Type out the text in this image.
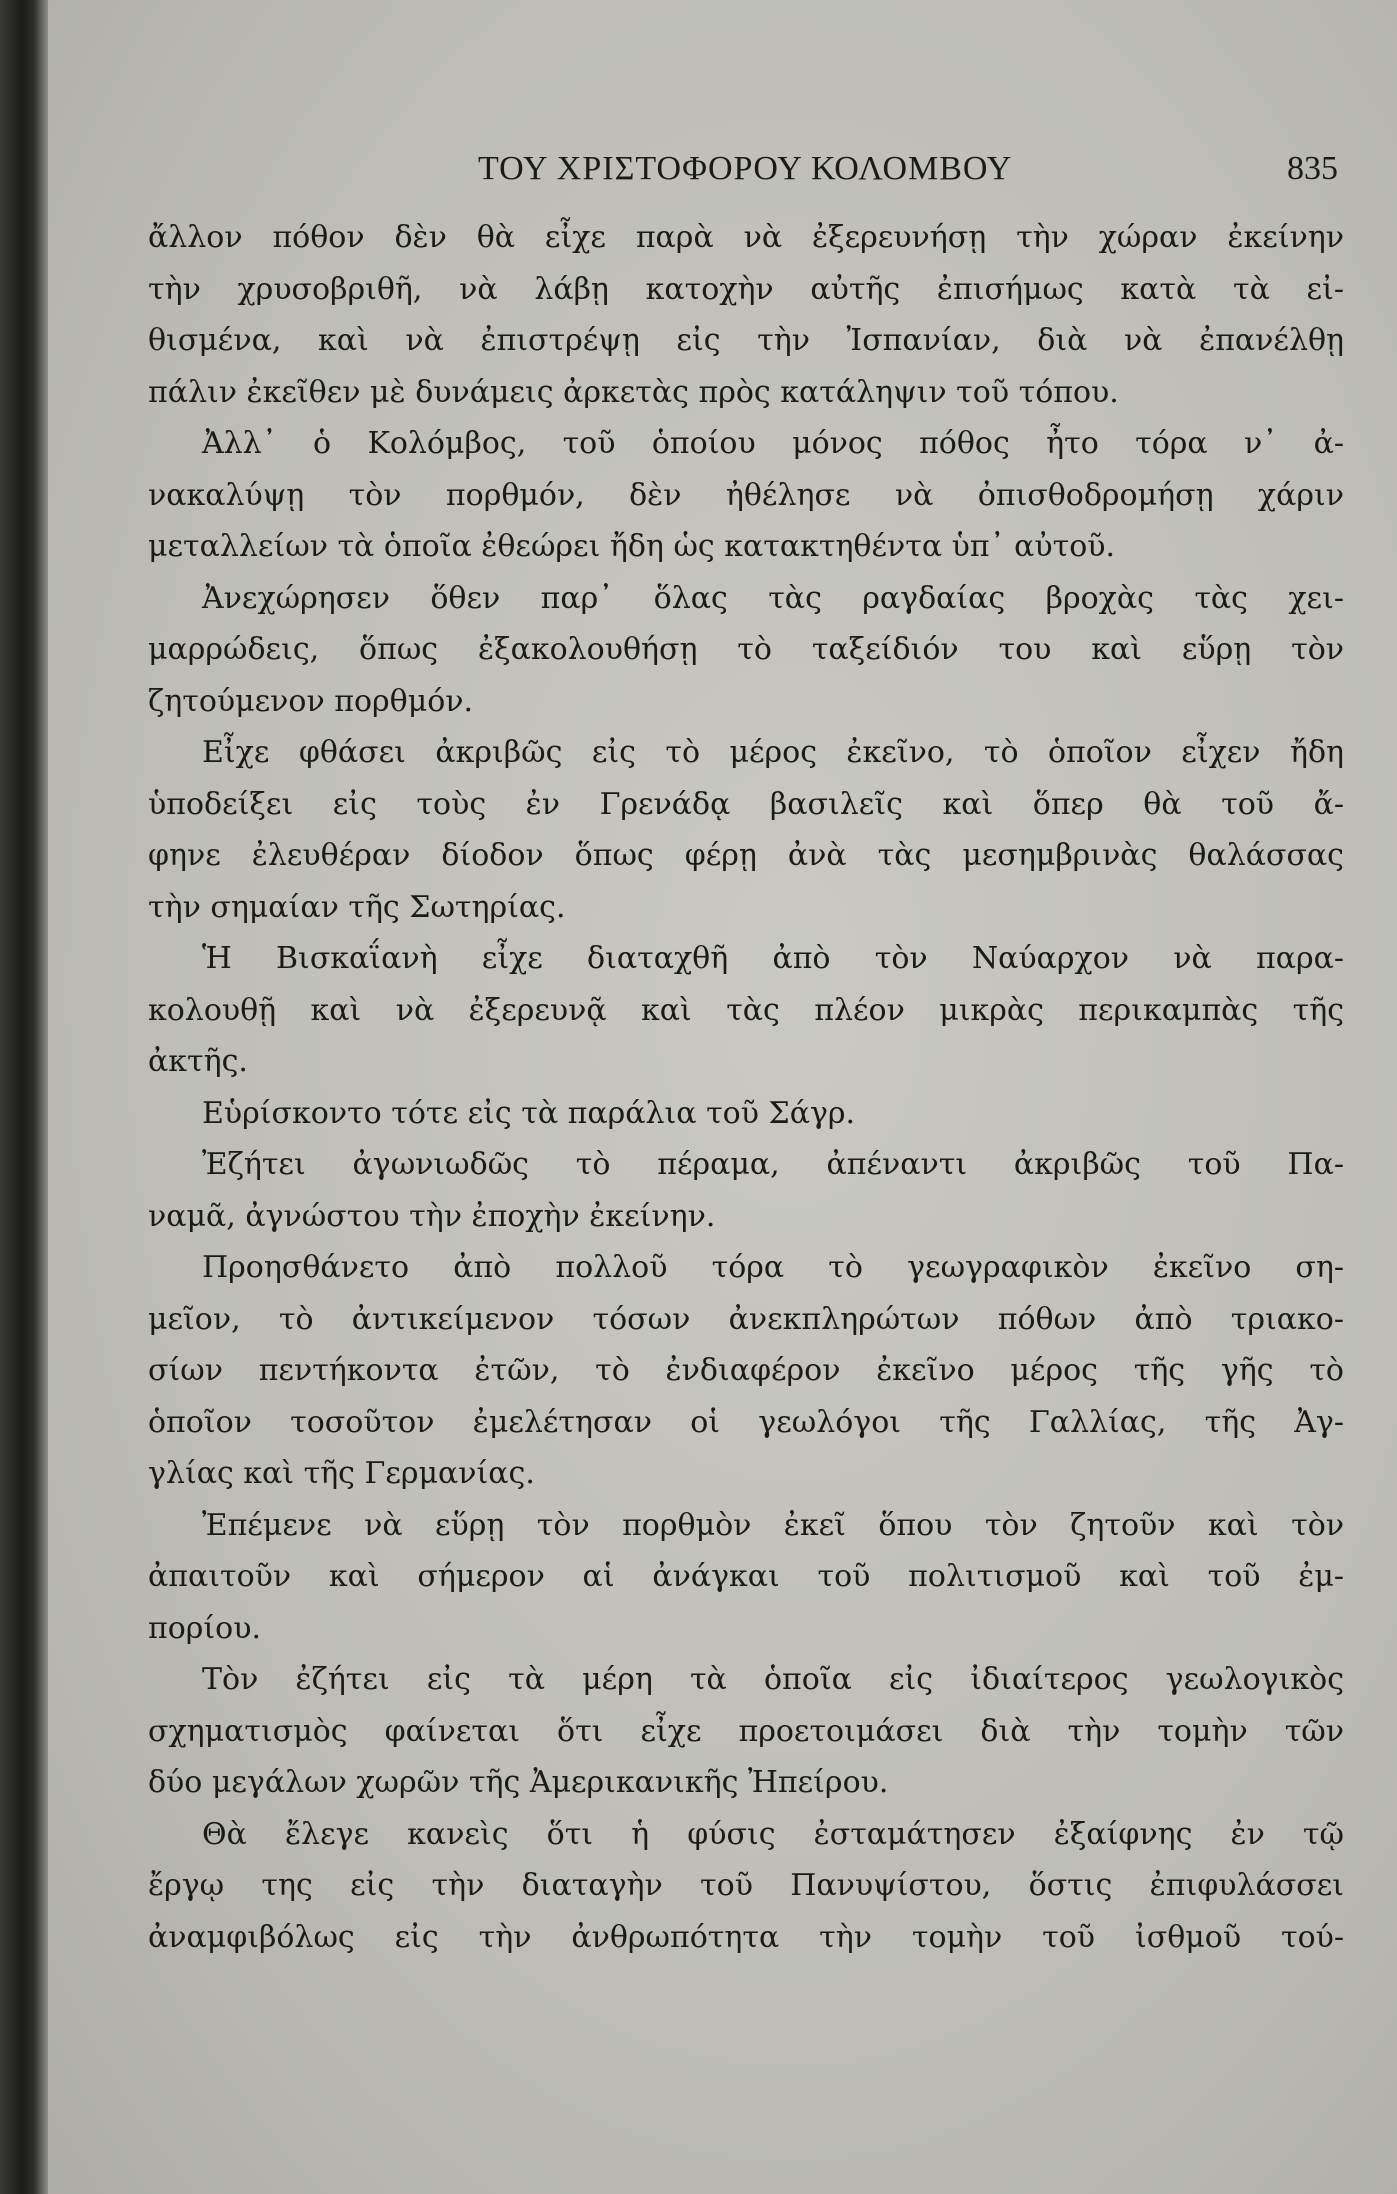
ΤΟΥ ΧΡΙΣΤΟΦΟΡΟΥ ΚΟΛΟΜΒΟΥ	835
ἄλλον πόθον δὲν θὰ εἶχε παρὰ νὰ ἐξερευνήσῃ τὴν χώραν ἐκείνην
τὴν χρυσοβριθῆ, νὰ λάβῃ κατοχὴν αὐτῆς ἐπισήμως κατὰ τὰ εἰ-
θισμένα, καὶ νὰ ἐπιστρέψῃ εἰς τὴν Ἰσπανίαν, διὰ νὰ ἐπανέλθῃ
πάλιν ἐκεῖθεν μὲ δυνάμεις ἀρκετὰς πρὸς κατάληψιν τοῦ τόπου.
Ἀλλ᾽ ὁ Κολόμβος, τοῦ ὁποίου μόνος πόθος ἦτο τόρα ν᾽ ἀ-
νακαλύψῃ τὸν πορθμόν, δὲν ἠθέλησε νὰ ὀπισθοδρομήσῃ χάριν
μεταλλείων τὰ ὁποῖα ἐθεώρει ἤδη ὡς κατακτηθέντα ὑπ᾽ αὐτοῦ.
Ἀνεχώρησεν ὅθεν παρ᾽ ὅλας τὰς ραγδαίας βροχὰς τὰς χει-
μαρρώδεις, ὅπως ἐξακολουθήσῃ τὸ ταξείδιόν του καὶ εὕρῃ τὸν
ζητούμενον πορθμόν.
Εἶχε φθάσει ἀκριβῶς εἰς τὸ μέρος ἐκεῖνο, τὸ ὁποῖον εἶχεν ἤδη
ὑποδείξει εἰς τοὺς ἐν Γρενάδᾳ βασιλεῖς καὶ ὅπερ θὰ τοῦ ἄ-
φηνε ἐλευθέραν δίοδον ὅπως φέρῃ ἀνὰ τὰς μεσημβρινὰς θαλάσσας
τὴν σημαίαν τῆς Σωτηρίας.
Ἡ Βισκαΐανὴ εἶχε διαταχθῆ ἀπὸ τὸν Ναύαρχον νὰ παρα-
κολουθῇ καὶ νὰ ἐξερευνᾷ καὶ τὰς πλέον μικρὰς περικαμπὰς τῆς
ἀκτῆς.
Εὑρίσκοντο τότε εἰς τὰ παράλια τοῦ Σάγρ.
Ἐζήτει ἀγωνιωδῶς τὸ πέραμα, ἀπέναντι ἀκριβῶς τοῦ Πα-
ναμᾶ, ἀγνώστου τὴν ἐποχὴν ἐκείνην.
Προησθάνετο ἀπὸ πολλοῦ τόρα τὸ γεωγραφικὸν ἐκεῖνο ση-
μεῖον, τὸ ἀντικείμενον τόσων ἀνεκπληρώτων πόθων ἀπὸ τριακο-
σίων πεντήκοντα ἐτῶν, τὸ ἐνδιαφέρον ἐκεῖνο μέρος τῆς γῆς τὸ
ὁποῖον τοσοῦτον ἐμελέτησαν οἱ γεωλόγοι τῆς Γαλλίας, τῆς Ἀγ-
γλίας καὶ τῆς Γερμανίας.
Ἐπέμενε νὰ εὕρῃ τὸν πορθμὸν ἐκεῖ ὅπου τὸν ζητοῦν καὶ τὸν
ἀπαιτοῦν καὶ σήμερον αἱ ἀνάγκαι τοῦ πολιτισμοῦ καὶ τοῦ ἐμ-
πορίου.
Τὸν ἐζήτει εἰς τὰ μέρη τὰ ὁποῖα εἰς ἰδιαίτερος γεωλογικὸς
σχηματισμὸς φαίνεται ὅτι εἶχε προετοιμάσει διὰ τὴν τομὴν τῶν
δύο μεγάλων χωρῶν τῆς Ἀμερικανικῆς Ἠπείρου.
Θὰ ἔλεγε κανεὶς ὅτι ἡ φύσις ἐσταμάτησεν ἐξαίφνης ἐν τῷ
ἔργῳ της εἰς τὴν διαταγὴν τοῦ Πανυψίστου, ὅστις ἐπιφυλάσσει
ἀναμφιβόλως εἰς τὴν ἀνθρωπότητα τὴν τομὴν τοῦ ἰσθμοῦ τού-
